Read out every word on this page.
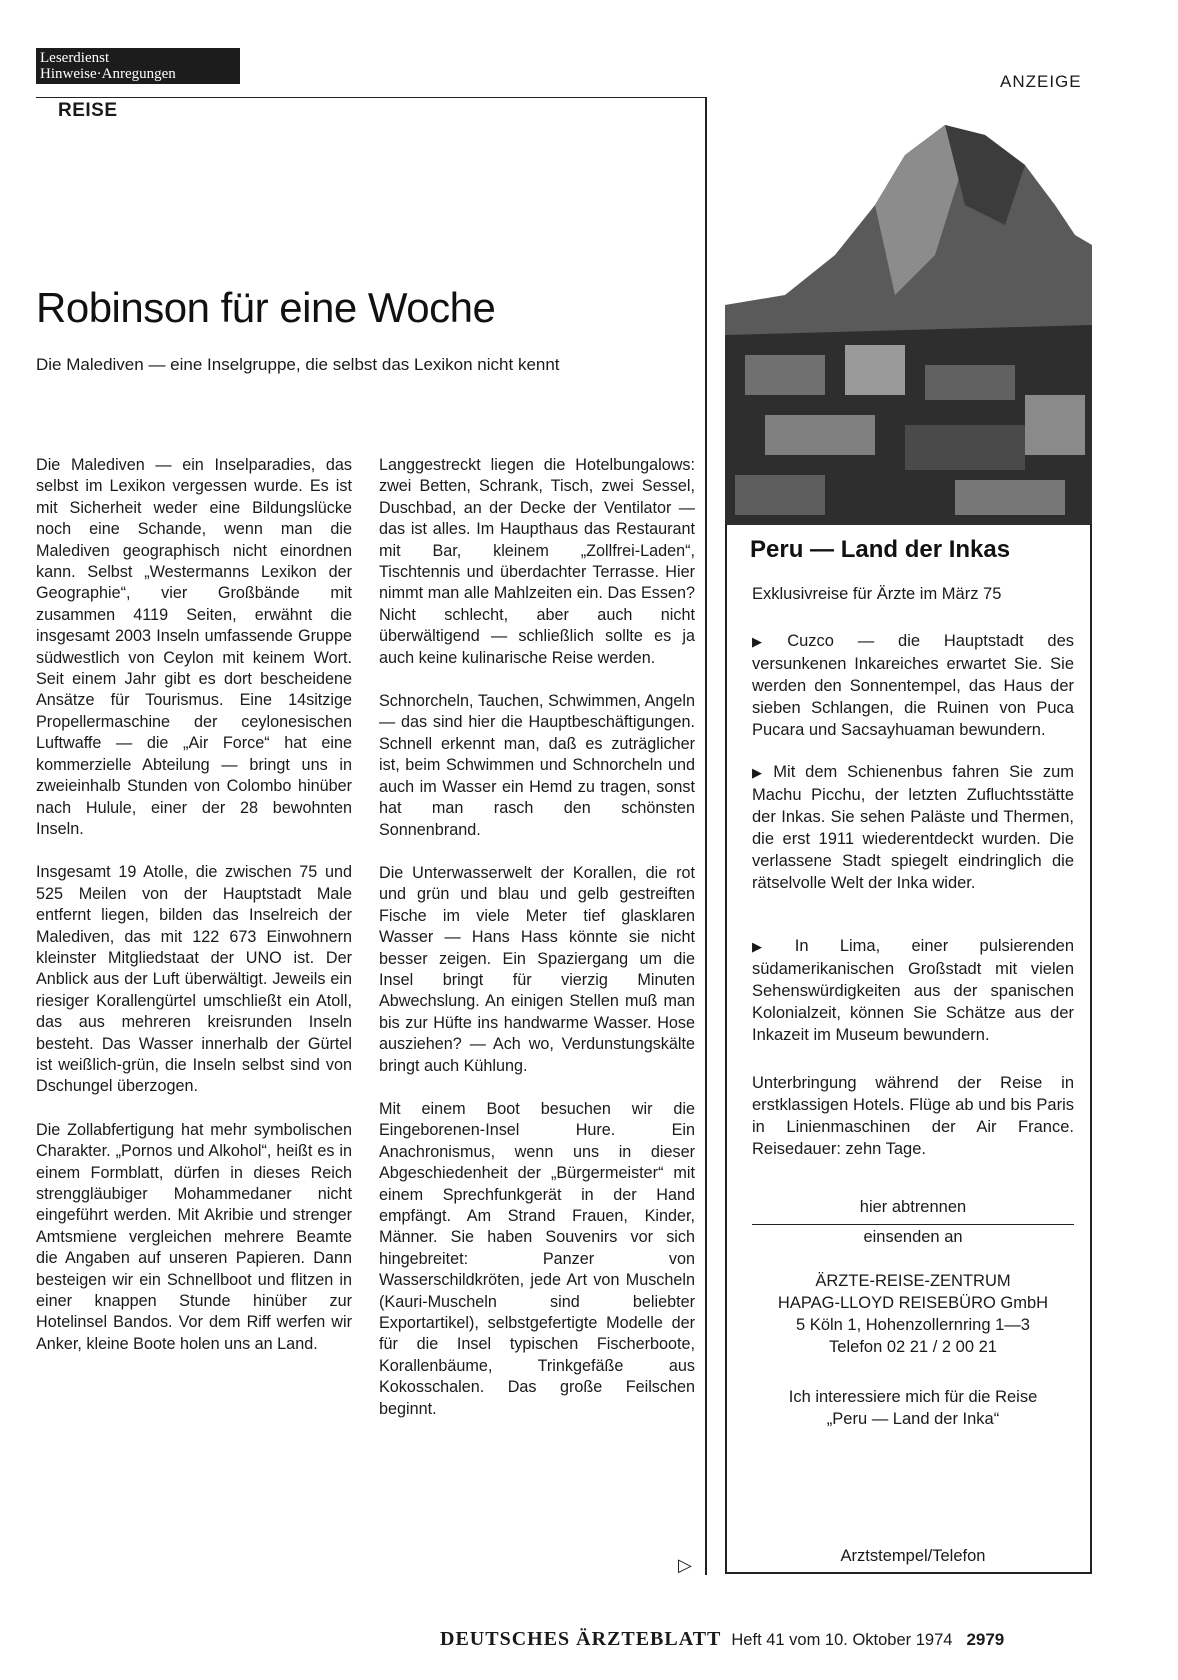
Leserdienst
Hinweise·Anregungen
REISE
ANZEIGE
Robinson für eine Woche
Die Malediven — eine Inselgruppe, die selbst das Lexikon nicht kennt

Die Malediven — ein Inselparadies, das selbst im Lexikon vergessen wurde. Es ist mit Sicherheit weder eine Bildungslücke noch eine Schande, wenn man die Malediven geographisch nicht einordnen kann. Selbst „Westermanns Lexikon der Geographie“, vier Großbände mit zusammen 4119 Seiten, erwähnt die insgesamt 2003 Inseln umfassende Gruppe südwestlich von Ceylon mit keinem Wort. Seit einem Jahr gibt es dort bescheidene Ansätze für Tourismus. Eine 14sitzige Propellermaschine der ceylonesischen Luftwaffe — die „Air Force“ hat eine kommerzielle Abteilung — bringt uns in zweieinhalb Stunden von Colombo hinüber nach Hulule, einer der 28 bewohnten Inseln.

Insgesamt 19 Atolle, die zwischen 75 und 525 Meilen von der Hauptstadt Male entfernt liegen, bilden das Inselreich der Malediven, das mit 122 673 Einwohnern kleinster Mitgliedstaat der UNO ist. Der Anblick aus der Luft überwältigt. Jeweils ein riesiger Korallengürtel umschließt ein Atoll, das aus mehreren kreisrunden Inseln besteht. Das Wasser innerhalb der Gürtel ist weißlich-grün, die Inseln selbst sind von Dschungel überzogen.

Die Zollabfertigung hat mehr symbolischen Charakter. „Pornos und Alkohol“, heißt es in einem Formblatt, dürfen in dieses Reich strenggläubiger Mohammedaner nicht eingeführt werden. Mit Akribie und strenger Amtsmiene vergleichen mehrere Beamte die Angaben auf unseren Papieren. Dann besteigen wir ein Schnellboot und flitzen in einer knappen Stunde hinüber zur Hotelinsel Bandos. Vor dem Riff werfen wir Anker, kleine Boote holen uns an Land.

Langgestreckt liegen die Hotelbungalows: zwei Betten, Schrank, Tisch, zwei Sessel, Duschbad, an der Decke der Ventilator — das ist alles. Im Haupthaus das Restaurant mit Bar, kleinem „Zollfrei-Laden“, Tischtennis und überdachter Terrasse. Hier nimmt man alle Mahlzeiten ein. Das Essen? Nicht schlecht, aber auch nicht überwältigend — schließlich sollte es ja auch keine kulinarische Reise werden.

Schnorcheln, Tauchen, Schwimmen, Angeln — das sind hier die Hauptbeschäftigungen. Schnell erkennt man, daß es zuträglicher ist, beim Schwimmen und Schnorcheln und auch im Wasser ein Hemd zu tragen, sonst hat man rasch den schönsten Sonnenbrand.

Die Unterwasserwelt der Korallen, die rot und grün und blau und gelb gestreiften Fische im viele Meter tief glasklaren Wasser — Hans Hass könnte sie nicht besser zeigen. Ein Spaziergang um die Insel bringt für vierzig Minuten Abwechslung. An einigen Stellen muß man bis zur Hüfte ins handwarme Wasser. Hose ausziehen? — Ach wo, Verdunstungskälte bringt auch Kühlung.

Mit einem Boot besuchen wir die Eingeborenen-Insel Hure. Ein Anachronismus, wenn uns in dieser Abgeschiedenheit der „Bürgermeister“ mit einem Sprechfunkgerät in der Hand empfängt. Am Strand Frauen, Kinder, Männer. Sie haben Souvenirs vor sich hingebreitet: Panzer von Wasserschildkröten, jede Art von Muscheln (Kauri-Muscheln sind beliebter Exportartikel), selbstgefertigte Modelle der für die Insel typischen Fischerboote, Korallenbäume, Trinkgefäße aus Kokosschalen. Das große Feilschen beginnt.

▷
Peru — Land der Inkas
Exklusivreise für Ärzte im März 75
▶ Cuzco — die Hauptstadt des versunkenen Inkareiches erwartet Sie. Sie werden den Sonnentempel, das Haus der sieben Schlangen, die Ruinen von Puca Pucara und Sacsayhuaman bewundern.
▶ Mit dem Schienenbus fahren Sie zum Machu Picchu, der letzten Zufluchtsstätte der Inkas. Sie sehen Paläste und Thermen, die erst 1911 wiederentdeckt wurden. Die verlassene Stadt spiegelt eindringlich die rätselvolle Welt der Inka wider.
▶ In Lima, einer pulsierenden südamerikanischen Großstadt mit vielen Sehenswürdigkeiten aus der spanischen Kolonialzeit, können Sie Schätze aus der Inkazeit im Museum bewundern.
Unterbringung während der Reise in erstklassigen Hotels. Flüge ab und bis Paris in Linienmaschinen der Air France. Reisedauer: zehn Tage.
hier abtrennen
einsenden an
ÄRZTE-REISE-ZENTRUM
HAPAG-LLOYD REISEBÜRO GmbH
5 Köln 1, Hohenzollernring 1—3
Telefon 02 21 / 2 00 21
Ich interessiere mich für die Reise
„Peru — Land der Inka“
Arztstempel/Telefon
DEUTSCHES ÄRZTEBLATT Heft 41 vom 10. Oktober 1974 2979
